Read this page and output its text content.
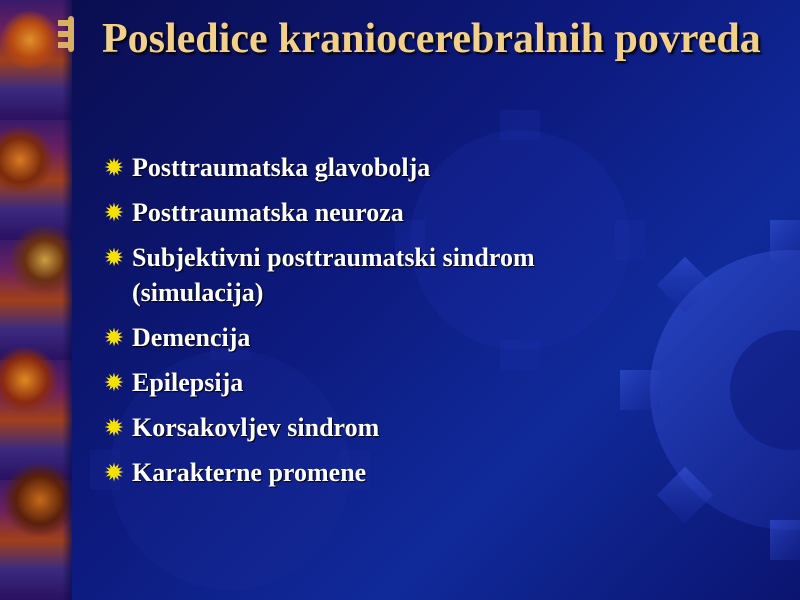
Posledice kraniocerebralnih povreda
Posttraumatska glavobolja
Posttraumatska neuroza
Subjektivni posttraumatski sindrom (simulacija)
Demencija
Epilepsija
Korsakovljev sindrom
Karakterne promene
